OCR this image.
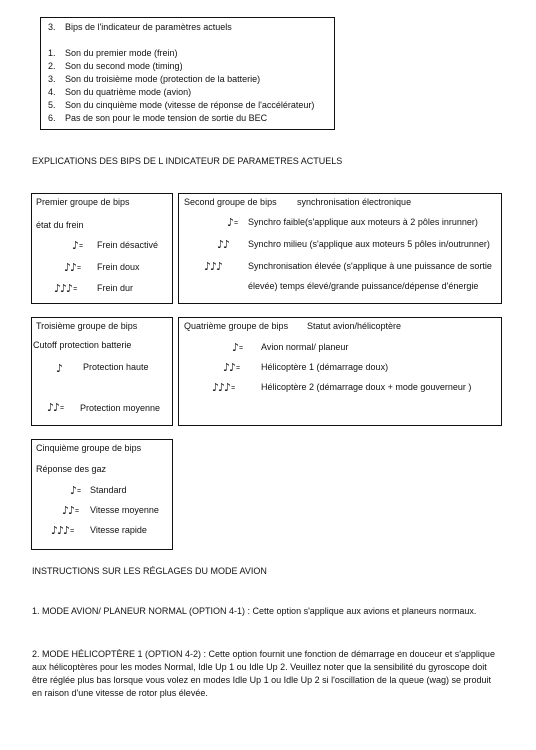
3. Bips de l'indicateur de paramètres actuels
1. Son du premier mode (frein)
2. Son du second mode (timing)
3. Son du troisième mode (protection de la batterie)
4. Son du quatrième mode (avion)
5. Son du cinquième mode (vitesse de réponse de l'accélérateur)
6. Pas de son pour le mode tension de sortie du BEC
EXPLICATIONS DES BIPS DE L INDICATEUR DE PARAMETRES ACTUELS
Premier groupe de bips
état du frein
♪= Frein désactivé
♪♪= Frein doux
♪♪♪= Frein dur
Second groupe de bips synchronisation électronique
♪= Synchro faible(s'applique aux moteurs à 2 pôles inrunner)
♪♪ Synchro milieu (s'applique aux moteurs 5 pôles in/outrunner)
♪♪♪	Synchronisation élevée (s'applique à une puissance de sortie
élevée) temps élevé/grande puissance/dépense d'énergie
Troisième groupe de bips
Cutoff protection batterie
♪ Protection haute
♪♪= Protection moyenne
Quatrième groupe de bips Statut avion/hélicoptère
♪= Avion normal/ planeur
♪♪= Hélicoptère 1 (démarrage doux)
♪♪♪=	Hélicoptère 2 (démarrage doux + mode gouverneur )
Cinquième groupe de bips
Réponse des gaz
♪= Standard
♪♪= Vitesse moyenne
♪♪♪= Vitesse rapide
INSTRUCTIONS SUR LES RÉGLAGES DU MODE AVION
1. MODE AVION/ PLANEUR NORMAL (OPTION 4-1) : Cette option s'applique aux avions et planeurs normaux.
2. MODE HÉLICOPTÈRE 1 (OPTION 4-2) : Cette option fournit une fonction de démarrage en douceur et s'applique aux hélicoptères pour les modes Normal, Idle Up 1 ou Idle Up 2. Veuillez noter que la sensibilité du gyroscope doit être réglée plus bas lorsque vous volez en modes Idle Up 1 ou Idle Up 2 si l'oscillation de la queue (wag) se produit en raison d'une vitesse de rotor plus élevée.
